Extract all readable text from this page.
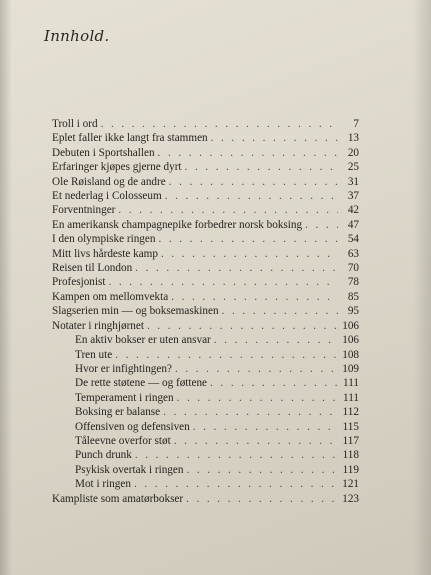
Innhold.
Troll i ord . . .	7
Eplet faller ikke langt fra stammen . . .	13
Debuten i Sportshallen . . .	20
Erfaringer kjøpes gjerne dyrt . . .	25
Ole Røisland og de andre . . .	31
Et nederlag i Colosseum . . .	37
Forventninger . . .	42
En amerikansk champagnepike forbedrer norsk boksing . . .	47
I den olympiske ringen . . .	54
Mitt livs hårdeste kamp . . .	63
Reisen til London . . .	70
Profesjonist . . .	78
Kampen om mellomvekta . . .	85
Slagserien min — og boksemaskinen . . .	95
Notater i ringhjørnet . . .	106
En aktiv bokser er uten ansvar . . .	106
Tren ute . . .	108
Hvor er infightingen? . . .	109
De rette støtene — og føttene . . .	111
Temperament i ringen . . .	111
Boksing er balanse . . .	112
Offensiven og defensiven . . .	115
Tåleevne overfor støt . . .	117
Punch drunk . . .	118
Psykisk overtak i ringen . . .	119
Mot i ringen . . .	121
Kampliste som amatørbokser . . .	123
